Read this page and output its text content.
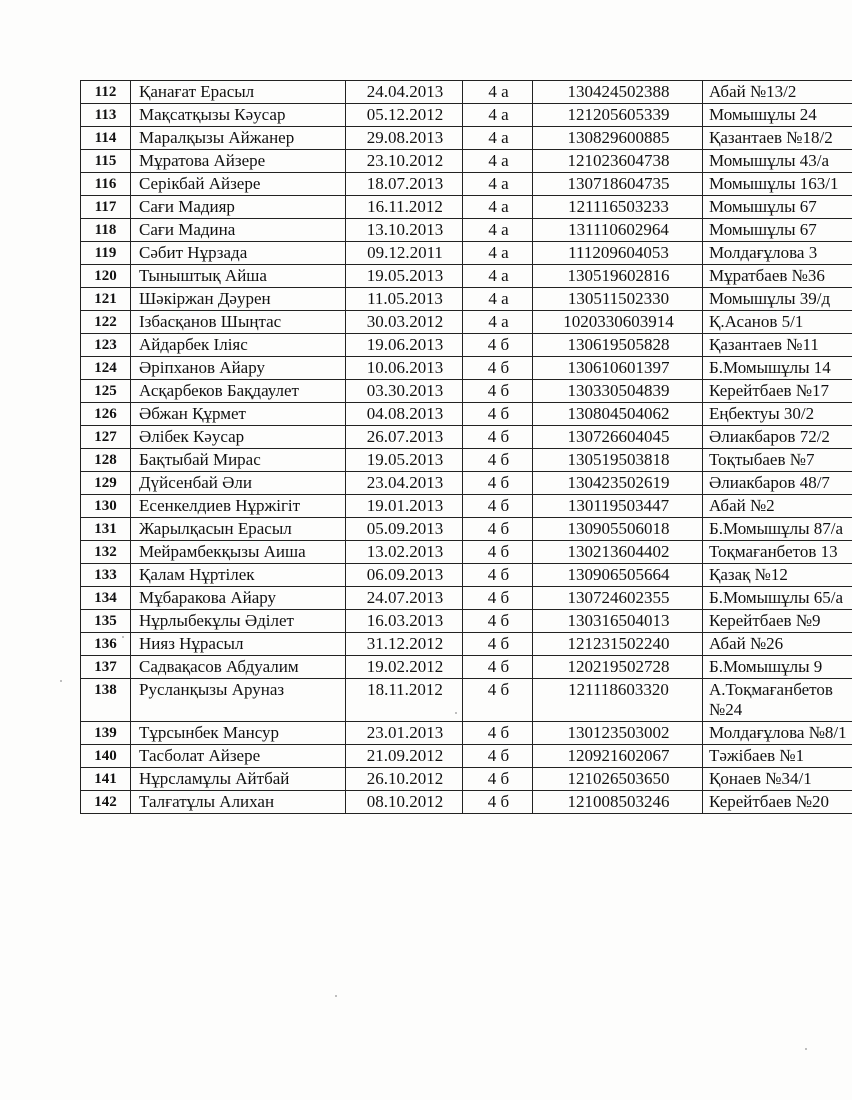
112	Қанағат Ерасыл	24.04.2013	4 а	130424502388	Абай №13/2
113	Мақсатқызы Кәусар	05.12.2012	4 а	121205605339	Момышұлы 24
114	Маралқызы Айжанер	29.08.2013	4 а	130829600885	Қазантаев №18/2
115	Мұратова Айзере	23.10.2012	4 а	121023604738	Момышұлы 43/а
116	Серікбай Айзере	18.07.2013	4 а	130718604735	Момышұлы 163/1
117	Сағи Мадияр	16.11.2012	4 а	121116503233	Момышұлы 67
118	Сағи Мадина	13.10.2013	4 а	131110602964	Момышұлы 67
119	Сәбит Нұрзада	09.12.2011	4 а	111209604053	Молдағұлова 3
120	Тыныштық Айша	19.05.2013	4 а	130519602816	Мұратбаев №36
121	Шәкіржан Дәурен	11.05.2013	4 а	130511502330	Момышұлы 39/д
122	Ізбасқанов Шыңтас	30.03.2012	4 а	1020330603914	Қ.Асанов 5/1
123	Айдарбек Іліяс	19.06.2013	4 б	130619505828	Қазантаев №11
124	Әріпханов Айару	10.06.2013	4 б	130610601397	Б.Момышұлы 14
125	Асқарбеков Бақдаулет	03.30.2013	4 б	130330504839	Керейтбаев №17
126	Әбжан Құрмет	04.08.2013	4 б	130804504062	Еңбектуы 30/2
127	Әлібек Кәусар	26.07.2013	4 б	130726604045	Әлиакбаров 72/2
128	Бақтыбай Мирас	19.05.2013	4 б	130519503818	Тоқтыбаев №7
129	Дүйсенбай Әли	23.04.2013	4 б	130423502619	Әлиакбаров 48/7
130	Есенкелдиев Нұржігіт	19.01.2013	4 б	130119503447	Абай №2
131	Жарылқасын Ерасыл	05.09.2013	4 б	130905506018	Б.Момышұлы 87/а
132	Мейрамбекқызы Аиша	13.02.2013	4 б	130213604402	Тоқмағанбетов 13
133	Қалам Нұртілек	06.09.2013	4 б	130906505664	Қазақ №12
134	Мұбаракова Айару	24.07.2013	4 б	130724602355	Б.Момышұлы 65/а
135	Нұрлыбекұлы Әділет	16.03.2013	4 б	130316504013	Керейтбаев №9
136	Нияз Нұрасыл	31.12.2012	4 б	121231502240	Абай №26
137	Садвақасов Абдуалим	19.02.2012	4 б	120219502728	Б.Момышұлы 9
138	Русланқызы Аруназ	18.11.2012	4 б	121118603320	А.Тоқмағанбетов №24
139	Тұрсынбек Мансур	23.01.2013	4 б	130123503002	Молдағұлова №8/1
140	Тасболат Айзере	21.09.2012	4 б	120921602067	Тәжібаев №1
141	Нұрсламұлы Айтбай	26.10.2012	4 б	121026503650	Қонаев №34/1
142	Талғатұлы Алихан	08.10.2012	4 б	121008503246	Керейтбаев №20
